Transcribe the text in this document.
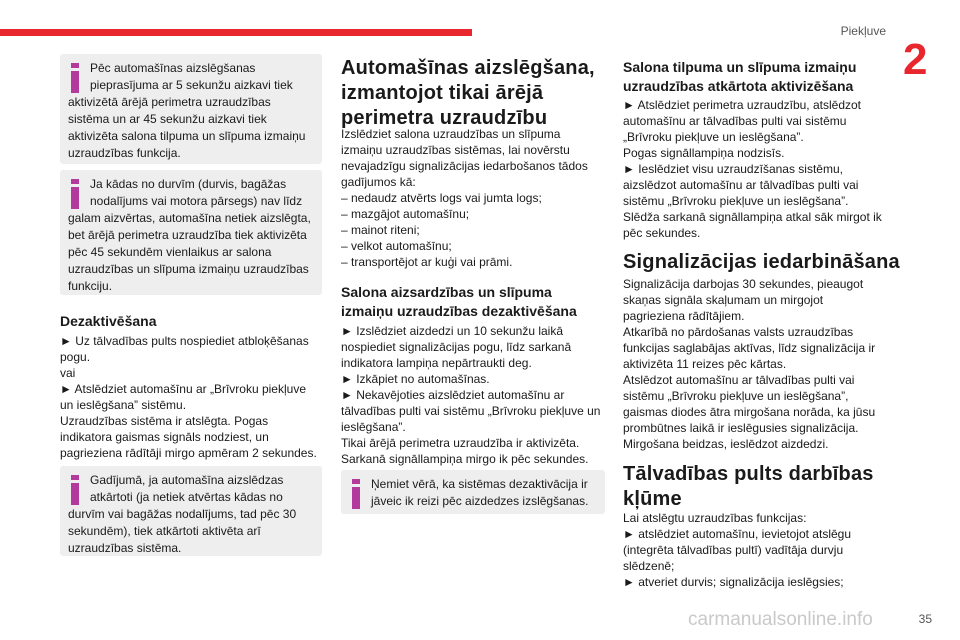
Piekļuve
2
Pēc automašīnas aizslēgšanas
pieprasījuma ar 5 sekunžu aizkavi tiek
aktivizētā ārējā perimetra uzraudzības
sistēma un ar 45 sekunžu aizkavi tiek
aktivizēta salona tilpuma un slīpuma izmaiņu
uzraudzības funkcija.
Ja kādas no durvīm (durvis, bagāžas
nodalījums vai motora pārsegs) nav līdz
galam aizvērtas, automašīna netiek aizslēgta,
bet ārējā perimetra uzraudzība tiek aktivizēta
pēc 45 sekundēm vienlaikus ar salona
uzraudzības un slīpuma izmaiņu uzraudzības
funkciju.
Dezaktivēšana
► Uz tālvadības pults nospiediet atbloķēšanas
pogu.
vai
► Atslēdziet automašīnu ar „Brīvroku piekļuve
un ieslēgšana” sistēmu.
Uzraudzības sistēma ir atslēgta. Pogas
indikatora gaismas signāls nodziest, un
pagrieziena rādītāji mirgo apmēram 2 sekundes.
Gadījumā, ja automašīna aizslēdzas
atkārtoti (ja netiek atvērtas kādas no
durvīm vai bagāžas nodalījums, tad pēc 30
sekundēm), tiek atkārtoti aktivēta arī
uzraudzības sistēma.
Automašīnas aizslēgšana,
izmantojot tikai ārējā
perimetra uzraudzību
Izslēdziet salona uzraudzības un slīpuma
izmaiņu uzraudzības sistēmas, lai novērstu
nevajadzīgu signalizācijas iedarbošanos tādos
gadījumos kā:
– nedaudz atvērts logs vai jumta logs;
– mazgājot automašīnu;
– mainot riteni;
– velkot automašīnu;
– transportējot ar kuģi vai prāmi.
Salona aizsardzības un slīpuma
izmaiņu uzraudzības dezaktivēšana
► Izslēdziet aizdedzi un 10 sekunžu laikā
nospiediet signalizācijas pogu, līdz sarkanā
indikatora lampiņa nepārtraukti deg.
► Izkāpiet no automašīnas.
► Nekavējoties aizslēdziet automašīnu ar
tālvadības pulti vai sistēmu „Brīvroku piekļuve un
ieslēgšana”.
Tikai ārējā perimetra uzraudzība ir aktivizēta.
Sarkanā signāllampiņa mirgo ik pēc sekundes.
Ņemiet vērā, ka sistēmas dezaktivācija ir
jāveic ik reizi pēc aizdedzes izslēgšanas.
Salona tilpuma un slīpuma izmaiņu
uzraudzības atkārtota aktivizēšana
► Atslēdziet perimetra uzraudzību, atslēdzot
automašīnu ar tālvadības pulti vai sistēmu
„Brīvroku piekļuve un ieslēgšana”.
Pogas signāllampiņa nodzisīs.
► Ieslēdziet visu uzraudzīšanas sistēmu,
aizslēdzot automašīnu ar tālvadības pulti vai
sistēmu „Brīvroku piekļuve un ieslēgšana”.
Slēdža sarkanā signāllampiņa atkal sāk mirgot ik
pēc sekundes.
Signalizācijas iedarbināšana
Signalizācija darbojas 30 sekundes, pieaugot
skaņas signāla skaļumam un mirgojot
pagrieziena rādītājiem.
Atkarībā no pārdošanas valsts uzraudzības
funkcijas saglabājas aktīvas, līdz signalizācija ir
aktivizēta 11 reizes pēc kārtas.
Atslēdzot automašīnu ar tālvadības pulti vai
sistēmu „Brīvroku piekļuve un ieslēgšana”,
gaismas diodes ātra mirgošana norāda, ka jūsu
prombūtnes laikā ir ieslēgusies signalizācija.
Mirgošana beidzas, ieslēdzot aizdedzi.
Tālvadības pults darbības
kļūme
Lai atslēgtu uzraudzības funkcijas:
► atslēdziet automašīnu, ievietojot atslēgu
(integrēta tālvadības pultī) vadītāja durvju
slēdzenē;
► atveriet durvis; signalizācija ieslēgsies;
carmanualsonline.info	35
